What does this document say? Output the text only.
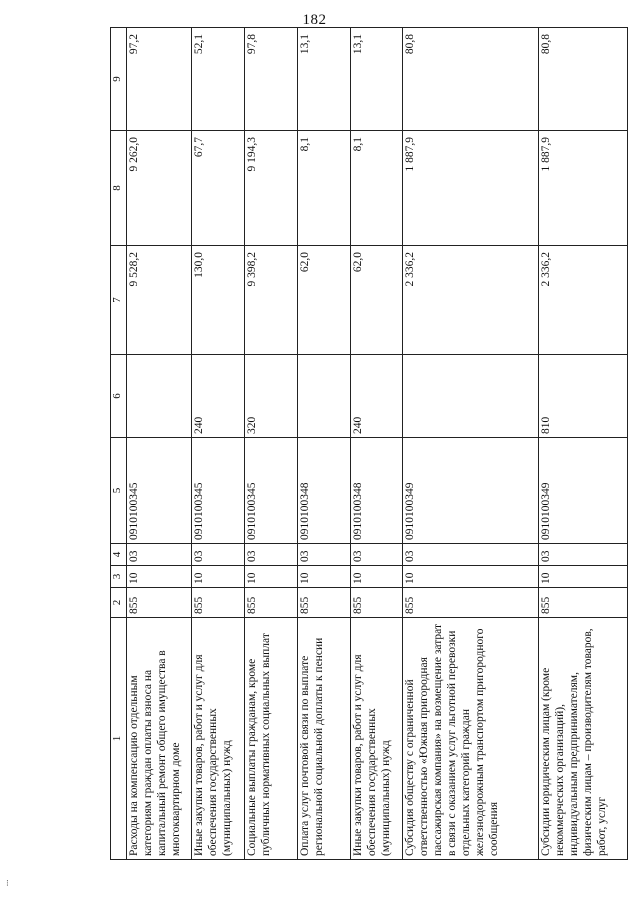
182
1	2	3	4	5	6	7	8	9
Расходы на компенсацию отдельным категориям граждан оплаты взноса на капитальный ремонт общего имущества в многоквартирном доме	855	10	03	0910100345		9 528,2	9 262,0	97,2
Иные закупки товаров, работ и услуг для обеспечения государственных (муниципальных) нужд	855	10	03	0910100345	240	130,0	67,7	52,1
Социальные выплаты гражданам, кроме публичных нормативных социальных выплат	855	10	03	0910100345	320	9 398,2	9 194,3	97,8
Оплата услуг почтовой связи по выплате региональной социальной доплаты к пенсии	855	10	03	0910100348		62,0	8,1	13,1
Иные закупки товаров, работ и услуг для обеспечения государственных (муниципальных) нужд	855	10	03	0910100348	240	62,0	8,1	13,1
Субсидия обществу с ограниченной ответственностью «Южная пригородная пассажирская компания» на возмещение затрат в связи с оказанием услуг льготной перевозки отдельных категорий граждан железнодорожным транспортом пригородного сообщения	855	10	03	0910100349		2 336,2	1 887,9	80,8
Субсидии юридическим лицам (кроме некоммерческих организаций), индивидуальным предпринимателям, физическим лицам – производителям товаров, работ, услуг	855	10	03	0910100349	810	2 336,2	1 887,9	80,8
⁝
